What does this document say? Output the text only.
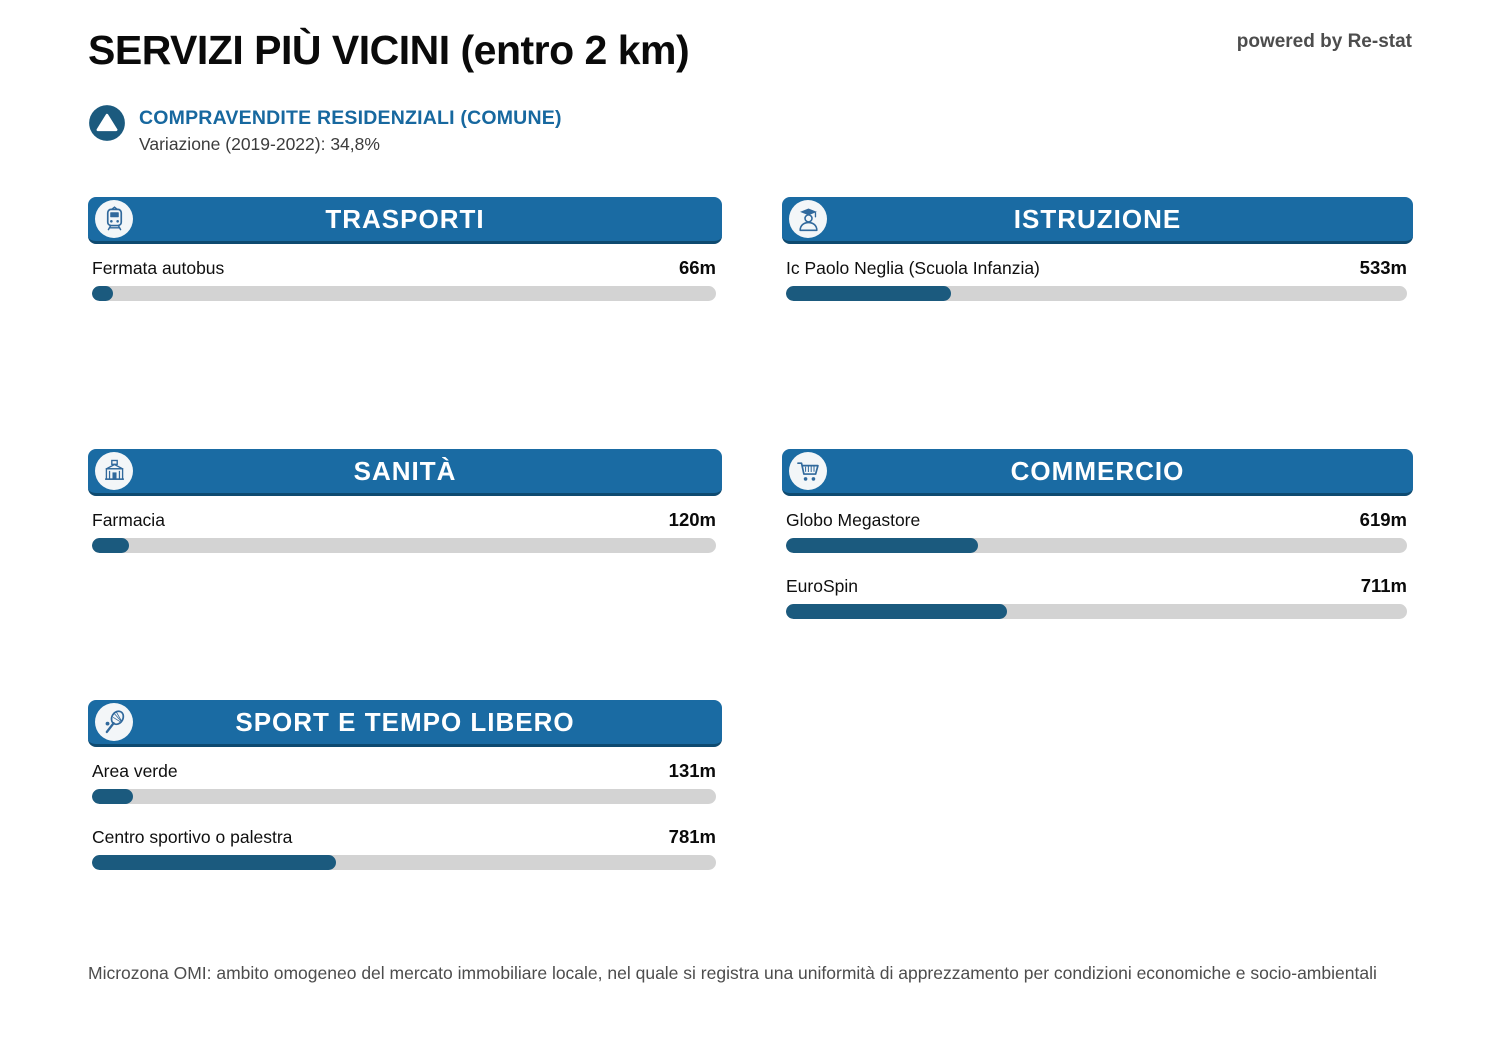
SERVIZI PIÙ VICINI (entro 2 km)	powered by Re-stat
COMPRAVENDITE RESIDENZIALI (COMUNE)
Variazione (2019-2022): 34,8%
TRASPORTI
Fermata autobus	66m
ISTRUZIONE
Ic Paolo Neglia (Scuola Infanzia)	533m
SANITÀ
Farmacia	120m
COMMERCIO
Globo Megastore	619m
EuroSpin	711m
SPORT E TEMPO LIBERO
Area verde	131m
Centro sportivo o palestra	781m
Microzona OMI: ambito omogeneo del mercato immobiliare locale, nel quale si registra una uniformità di apprezzamento per condizioni economiche e socio-ambientali
